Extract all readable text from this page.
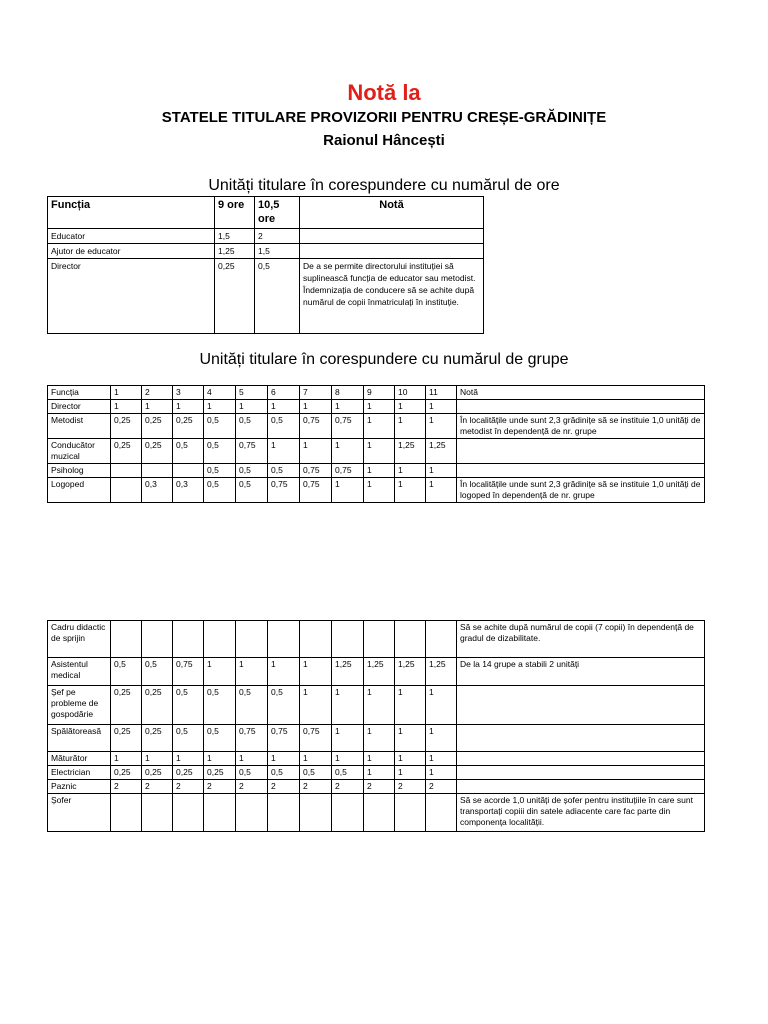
Notă la
STATELE TITULARE PROVIZORII PENTRU CREȘE-GRĂDINIȚE
Raionul Hâncești
Unități titulare în corespundere cu numărul de ore
Funcția	9 ore	10,5 ore	Notă
Educator	1,5	2	
Ajutor de educator	1,25	1,5	
Director	0,25	0,5	De a se permite directorului instituției să suplinească funcția de educator sau metodist.
Îndemnizația de conducere să se achite după numărul de copii înmatriculați în instituție.
Unități titulare în corespundere cu numărul de grupe
Funcția	1	2	3	4	5	6	7	8	9	10	11	Notă
Director	1	1	1	1	1	1	1	1	1	1	1	
Metodist	0,25	0,25	0,25	0,5	0,5	0,5	0,75	0,75	1	1	1	În localitățile unde sunt 2,3 grădinițe să se instituie 1,0 unități de metodist în dependență de nr. grupe
Conducător muzical	0,25	0,25	0,5	0,5	0,75	1	1	1	1	1,25	1,25	
Psiholog				0,5	0,5	0,5	0,75	0,75	1	1	1	
Logoped		0,3	0,3	0,5	0,5	0,75	0,75	1	1	1	1	În localitățile unde sunt 2,3 grădinițe să se instituie 1,0 unități de logoped în dependență de nr. grupe
Cadru didactic de sprijin												Să se achite după numărul de copii (7 copii) în dependență de gradul de dizabilitate.
Asistentul medical	0,5	0,5	0,75	1	1	1	1	1,25	1,25	1,25	1,25	De la 14 grupe a stabili 2 unități
Șef pe probleme de gospodărie	0,25	0,25	0,5	0,5	0,5	0,5	1	1	1	1	1	
Spălătoreasă	0,25	0,25	0,5	0,5	0,75	0,75	0,75	1	1	1	1	
Măturător	1	1	1	1	1	1	1	1	1	1	1	
Electrician	0,25	0,25	0,25	0,25	0,5	0,5	0,5	0,5	1	1	1	
Paznic	2	2	2	2	2	2	2	2	2	2	2	
Șofer												Să se acorde 1,0 unități de șofer pentru instituțiile în care sunt transportați copiii din satele adiacente care fac parte din componența localității.
